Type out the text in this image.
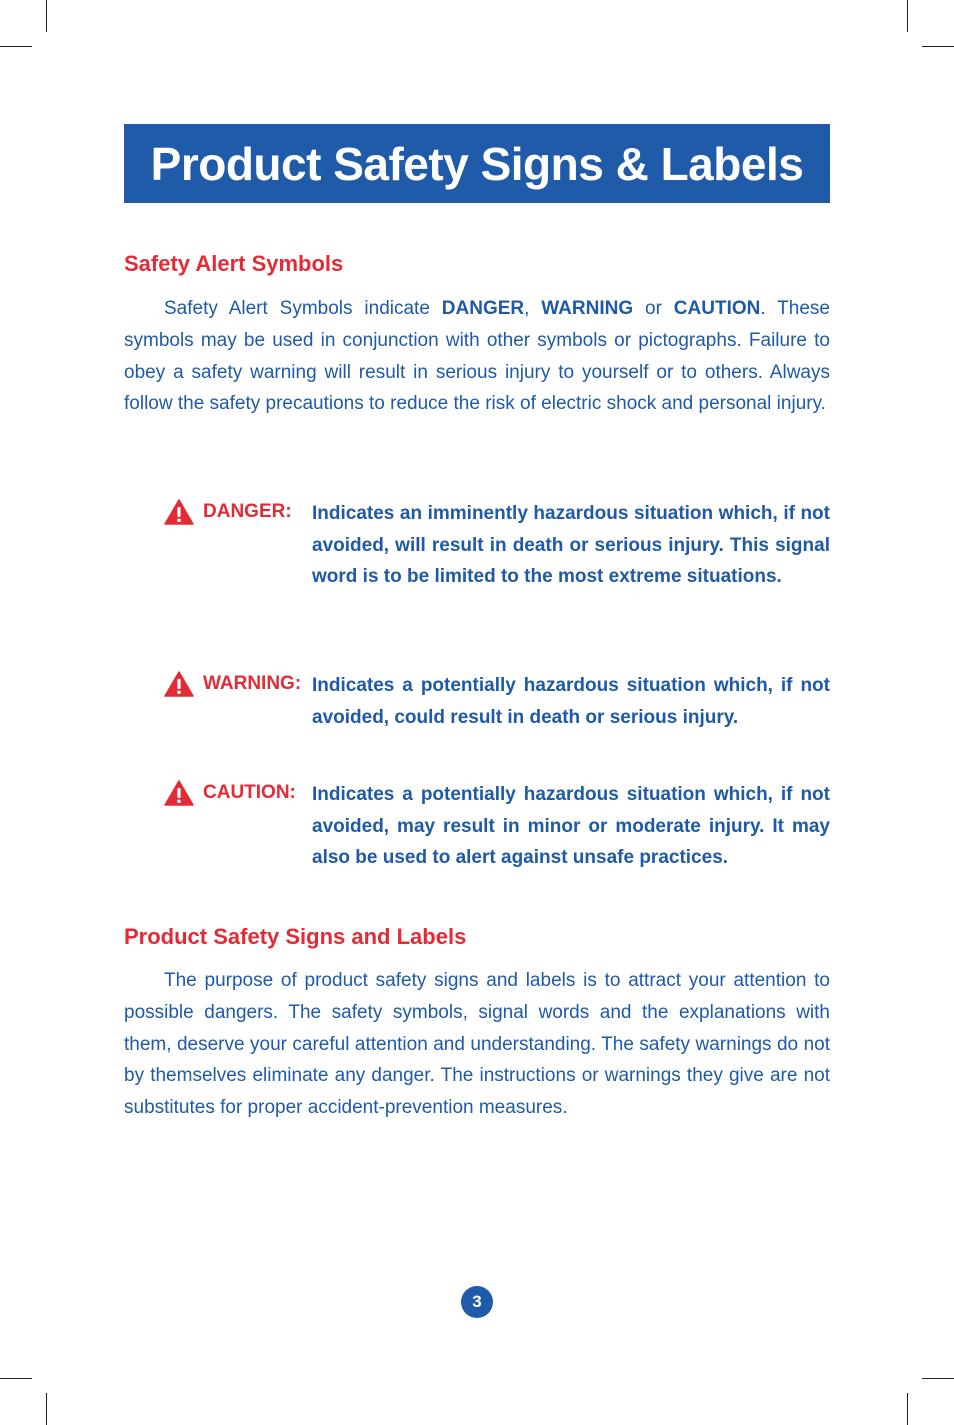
Product Safety Signs & Labels
Safety Alert Symbols
Safety Alert Symbols indicate DANGER, WARNING or CAUTION. These symbols may be used in conjunction with other symbols or pictographs. Failure to obey a safety warning will result in serious injury to yourself or to others. Always follow the safety precautions to reduce the risk of electric shock and personal injury.
DANGER: Indicates an imminently hazardous situation which, if not avoided, will result in death or serious injury. This signal word is to be limited to the most extreme situations.
WARNING: Indicates a potentially hazardous situation which, if not avoided, could result in death or serious injury.
CAUTION: Indicates a potentially hazardous situation which, if not avoided, may result in minor or moderate injury. It may also be used to alert against unsafe practices.
Product Safety Signs and Labels
The purpose of product safety signs and labels is to attract your attention to possible dangers. The safety symbols, signal words and the explanations with them, deserve your careful attention and understanding. The safety warnings do not by themselves eliminate any danger. The instructions or warnings they give are not substitutes for proper accident-prevention measures.
3
